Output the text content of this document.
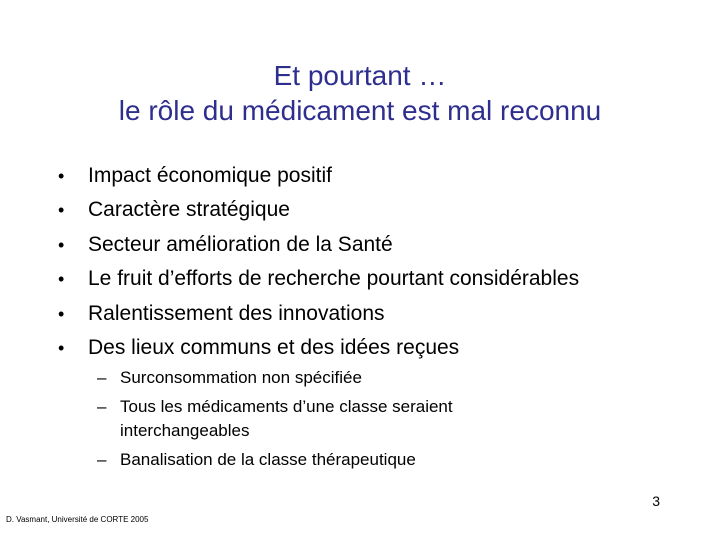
Et pourtant …
le rôle du médicament est mal reconnu
•	Impact économique positif
•	Caractère stratégique
•	Secteur amélioration de la Santé
•	Le fruit d’efforts de recherche pourtant considérables
•	Ralentissement des innovations
•	Des lieux communs et des idées reçues
– Surconsommation non spécifiée
– Tous les médicaments d’une classe seraient interchangeables
– Banalisation de la classe thérapeutique
3
D. Vasmant, Université de CORTE 2005
